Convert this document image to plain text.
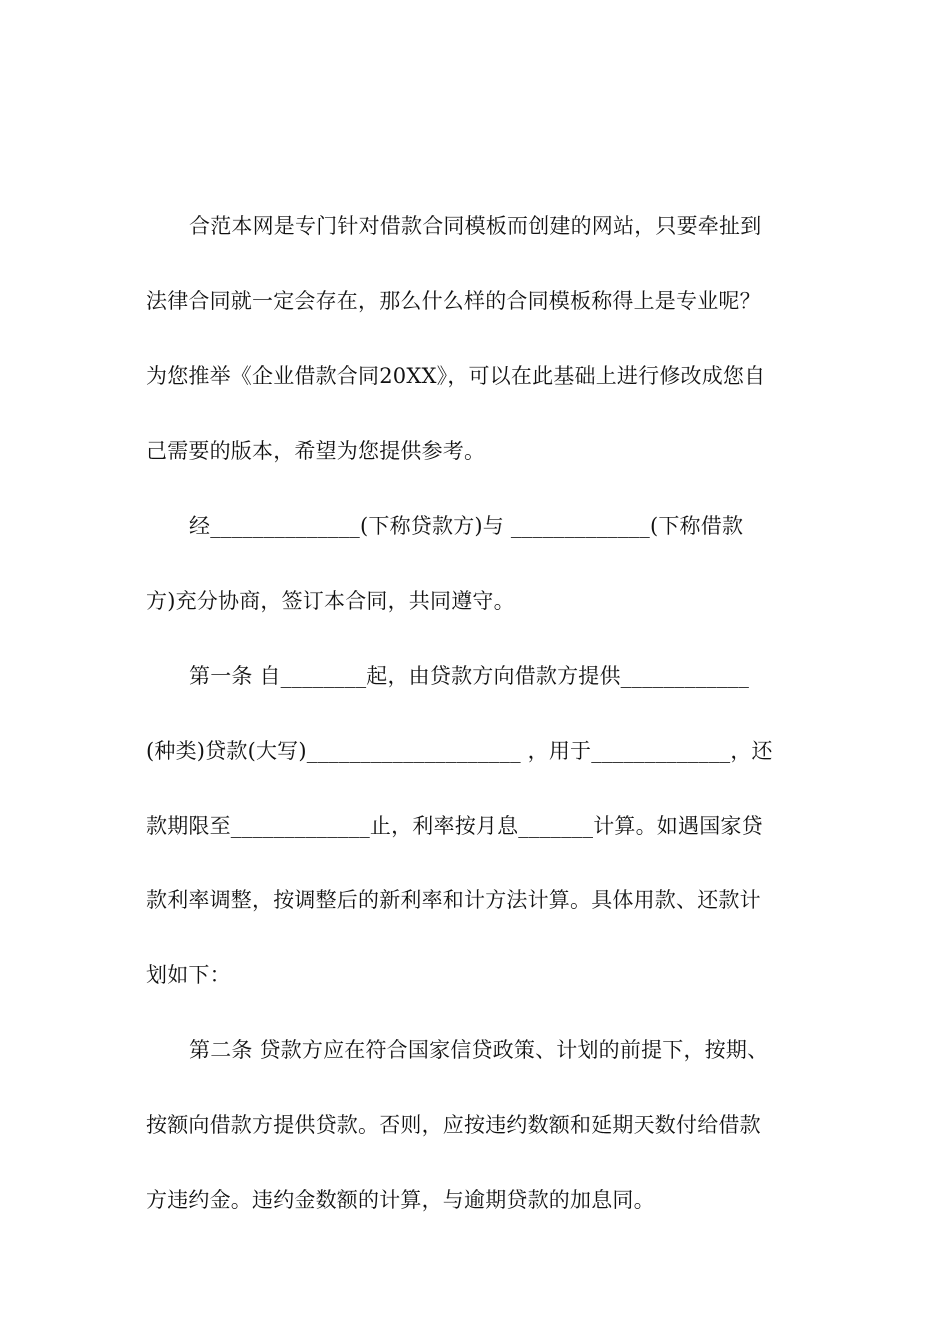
合范本网是专门针对借款合同模板而创建的网站，只要牵扯到
法律合同就一定会存在，那么什么样的合同模板称得上是专业呢？
为您推举《企业借款合同20XX》，可以在此基础上进行修改成您自
己需要的版本，希望为您提供参考。
经______________(下称贷款方)与 _____________(下称借款
方)充分协商，签订本合同，共同遵守。
第一条 自________起，由贷款方向借款方提供____________
(种类)贷款(大写)____________________ ，用于_____________，还
款期限至_____________止，利率按月息_______计算。如遇国家贷
款利率调整，按调整后的新利率和计方法计算。具体用款、还款计
划如下：
第二条 贷款方应在符合国家信贷政策、计划的前提下，按期、
按额向借款方提供贷款。否则，应按违约数额和延期天数付给借款
方违约金。违约金数额的计算，与逾期贷款的加息同。
